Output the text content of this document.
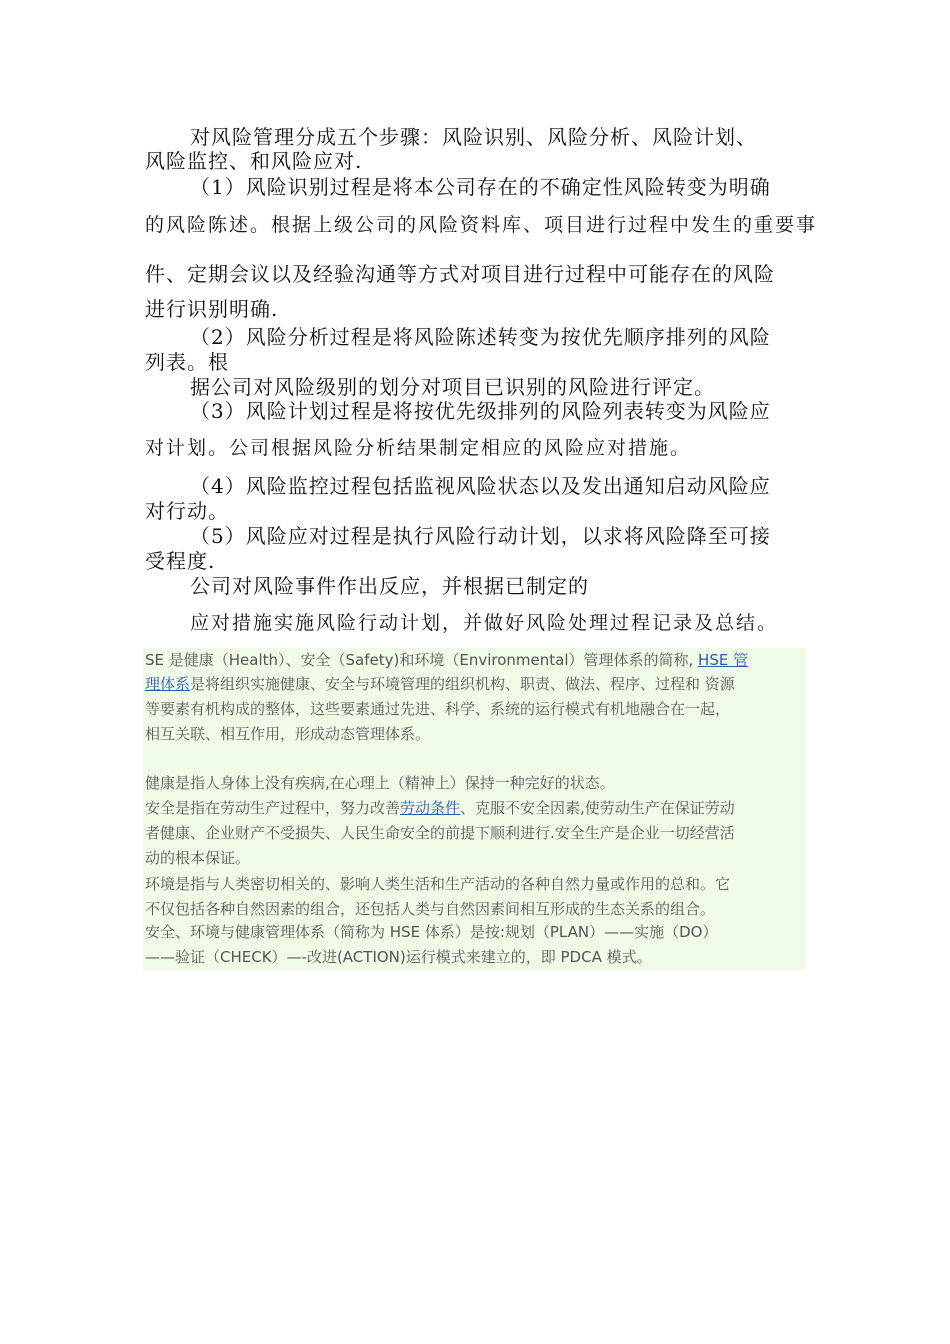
对风险管理分成五个步骤：风险识别、风险分析、风险计划、
风险监控、和风险应对.
（1）风险识别过程是将本公司存在的不确定性风险转变为明确
的风险陈述。根据上级公司的风险资料库、项目进行过程中发生的重要事
件、定期会议以及经验沟通等方式对项目进行过程中可能存在的风险
进行识别明确.
（2）风险分析过程是将风险陈述转变为按优先顺序排列的风险
列表。根
据公司对风险级别的划分对项目已识别的风险进行评定。
（3）风险计划过程是将按优先级排列的风险列表转变为风险应
对计划。公司根据风险分析结果制定相应的风险应对措施。
（4）风险监控过程包括监视风险状态以及发出通知启动风险应
对行动。
（5）风险应对过程是执行风险行动计划，以求将风险降至可接
受程度.
公司对风险事件作出反应，并根据已制定的
应对措施实施风险行动计划，并做好风险处理过程记录及总结。
SE 是健康（Health）、安全（Safety)和环境（Environmental）管理体系的简称, HSE 管
理体系是将组织实施健康、安全与环境管理的组织机构、职责、做法、程序、过程和 资源
等要素有机构成的整体，这些要素通过先进、科学、系统的运行模式有机地融合在一起，
相互关联、相互作用，形成动态管理体系。
健康是指人身体上没有疾病,在心理上（精神上）保持一种完好的状态。
安全是指在劳动生产过程中，努力改善劳动条件、克服不安全因素,使劳动生产在保证劳动
者健康、企业财产不受损失、人民生命安全的前提下顺利进行.安全生产是企业一切经营活
动的根本保证。
环境是指与人类密切相关的、影响人类生活和生产活动的各种自然力量或作用的总和。它
不仅包括各种自然因素的组合，还包括人类与自然因素间相互形成的生态关系的组合。
安全、环境与健康管理体系（简称为 HSE 体系）是按:规划（PLAN）——实施（DO）
——验证（CHECK）—-改进(ACTION)运行模式来建立的，即 PDCA 模式。
